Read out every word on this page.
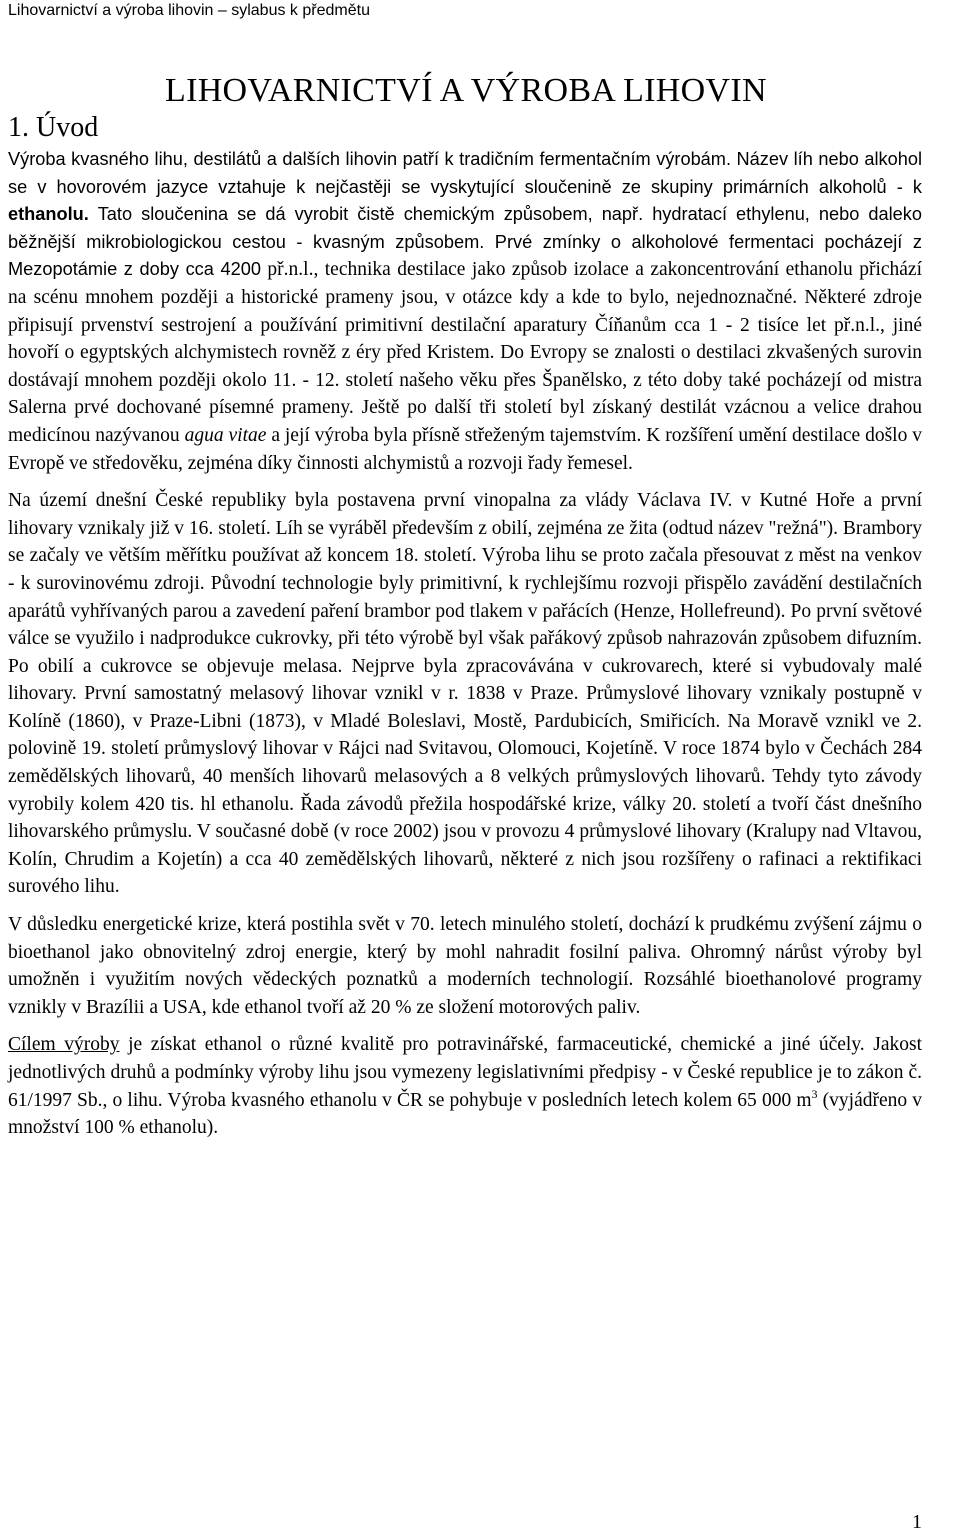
Lihovarnictví a výroba lihovin – sylabus k předmětu
LIHOVARNICTVÍ A VÝROBA LIHOVIN
1. Úvod

Výroba kvasného lihu, destilátů a dalších lihovin patří k tradičním fermentačním výrobám. Název líh nebo alkohol se v hovorovém jazyce vztahuje k nejčastěji se vyskytující sloučenině ze skupiny primárních alkoholů - k ethanolu. Tato sloučenina se dá vyrobit čistě chemickým způsobem, např. hydratací ethylenu, nebo daleko běžnější mikrobiologickou cestou - kvasným způsobem. Prvé zmínky o alkoholové fermentaci pocházejí z Mezopotámie z doby cca 4200 př.n.l., technika destilace jako způsob izolace a zakoncentrování ethanolu přichází na scénu mnohem později a historické prameny jsou, v otázce kdy a kde to bylo, nejednoznačné. Některé zdroje připisují prvenství sestrojení a používání primitivní destilační aparatury Číňanům cca 1 - 2 tisíce let př.n.l., jiné hovoří o egyptských alchymistech rovněž z éry před Kristem. Do Evropy se znalosti o destilaci zkvašených surovin dostávají mnohem později okolo 11. - 12. století našeho věku přes Španělsko, z této doby také pocházejí od mistra Salerna prvé dochované písemné prameny. Ještě po další tři století byl získaný destilát vzácnou a velice drahou medicínou nazývanou agua vitae a její výroba byla přísně střeženým tajemstvím. K rozšíření umění destilace došlo v Evropě ve středověku, zejména díky činnosti alchymistů a rozvoji řady řemesel.

Na území dnešní České republiky byla postavena první vinopalna za vlády Václava IV. v Kutné Hoře a první lihovary vznikaly již v 16. století. Líh se vyráběl především z obilí, zejména ze žita (odtud název "režná"). Brambory se začaly ve větším měřítku používat až koncem 18. století. Výroba lihu se proto začala přesouvat z měst na venkov - k surovinovému zdroji. Původní technologie byly primitivní, k rychlejšímu rozvoji přispělo zavádění destilačních aparátů vyhřívaných parou a zavedení paření brambor pod tlakem v pařácích (Henze, Hollefreund). Po první světové válce se využilo i nadprodukce cukrovky, při této výrobě byl však pařákový způsob nahrazován způsobem difuzním. Po obilí a cukrovce se objevuje melasa. Nejprve byla zpracovávána v cukrovarech, které si vybudovaly malé lihovary. První samostatný melasový lihovar vznikl v r. 1838 v Praze. Průmyslové lihovary vznikaly postupně v Kolíně (1860), v Praze-Libni (1873), v Mladé Boleslavi, Mostě, Pardubicích, Smiřicích. Na Moravě vznikl ve 2. polovině 19. století průmyslový lihovar v Rájci nad Svitavou, Olomouci, Kojetíně. V roce 1874 bylo v Čechách 284 zemědělských lihovarů, 40 menších lihovarů melasových a 8 velkých průmyslových lihovarů. Tehdy tyto závody vyrobily kolem 420 tis. hl ethanolu. Řada závodů přežila hospodářské krize, války 20. století a tvoří část dnešního lihovarského průmyslu. V současné době (v roce 2002) jsou v provozu 4 průmyslové lihovary (Kralupy nad Vltavou, Kolín, Chrudim a Kojetín) a cca 40 zemědělských lihovarů, některé z nich jsou rozšířeny o rafinaci a rektifikaci surového lihu.

V důsledku energetické krize, která postihla svět v 70. letech minulého století, dochází k prudkému zvýšení zájmu o bioethanol jako obnovitelný zdroj energie, který by mohl nahradit fosilní paliva. Ohromný nárůst výroby byl umožněn i využitím nových vědeckých poznatků a moderních technologií. Rozsáhlé bioethanolové programy vznikly v Brazílii a USA, kde ethanol tvoří až 20 % ze složení motorových paliv.

Cílem výroby je získat ethanol o různé kvalitě pro potravinářské, farmaceutické, chemické a jiné účely. Jakost jednotlivých druhů a podmínky výroby lihu jsou vymezeny legislativními předpisy - v České republice je to zákon č. 61/1997 Sb., o lihu. Výroba kvasného ethanolu v ČR se pohybuje v posledních letech kolem 65 000 $m^3$ (vyjádřeno v množství 100 % ethanolu).

1
